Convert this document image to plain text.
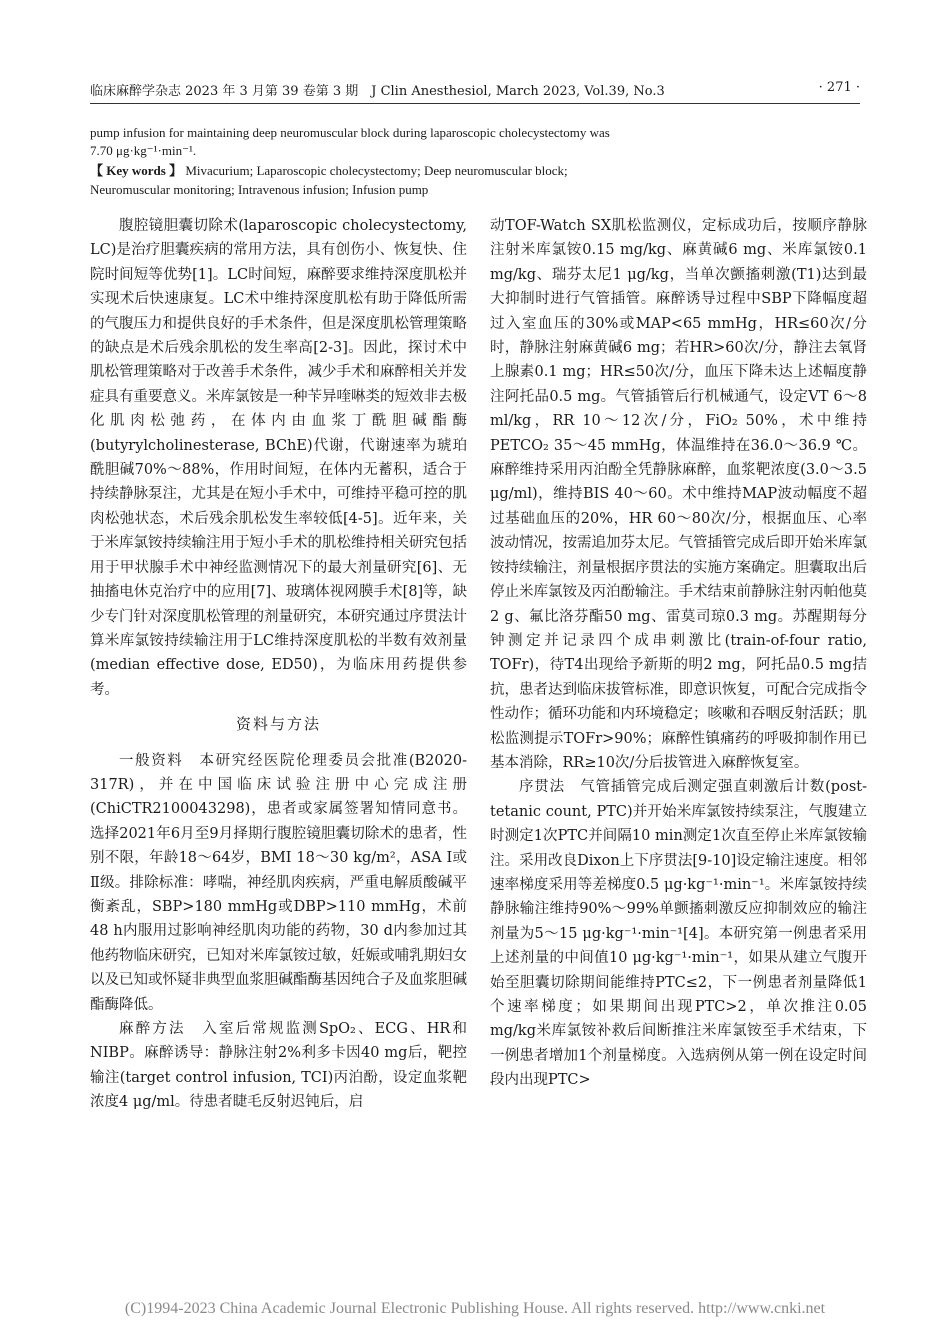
临床麻醉学杂志 2023 年 3 月第 39 卷第 3 期　J Clin Anesthesiol, March 2023, Vol.39, No.3	· 271 ·
pump infusion for maintaining deep neuromuscular block during laparoscopic cholecystectomy was
7.70 μg·kg⁻¹·min⁻¹.
【 Key words 】 Mivacurium; Laparoscopic cholecystectomy; Deep neuromuscular block;
Neuromuscular monitoring; Intravenous infusion; Infusion pump

腹腔镜胆囊切除术(laparoscopic cholecystectomy, LC)是治疗胆囊疾病的常用方法，具有创伤小、恢复快、住院时间短等优势[1]。LC时间短，麻醉要求维持深度肌松并实现术后快速康复。LC术中维持深度肌松有助于降低所需的气腹压力和提供良好的手术条件，但是深度肌松管理策略的缺点是术后残余肌松的发生率高[2-3]。因此，探讨术中肌松管理策略对于改善手术条件，减少手术和麻醉相关并发症具有重要意义。米库氯铵是一种苄异喹啉类的短效非去极化肌肉松弛药，在体内由血浆丁酰胆碱酯酶(butyrylcholinesterase, BChE)代谢，代谢速率为琥珀酰胆碱70%～88%，作用时间短，在体内无蓄积，适合于持续静脉泵注，尤其是在短小手术中，可维持平稳可控的肌肉松弛状态，术后残余肌松发生率较低[4-5]。近年来，关于米库氯铵持续输注用于短小手术的肌松维持相关研究包括用于甲状腺手术中神经监测情况下的最大剂量研究[6]、无抽搐电休克治疗中的应用[7]、玻璃体视网膜手术[8]等，缺少专门针对深度肌松管理的剂量研究，本研究通过序贯法计算米库氯铵持续输注用于LC维持深度肌松的半数有效剂量(median effective dose, ED50)，为临床用药提供参考。

资料与方法

一般资料　本研究经医院伦理委员会批准(B2020-317R)，并在中国临床试验注册中心完成注册(ChiCTR2100043298)，患者或家属签署知情同意书。选择2021年6月至9月择期行腹腔镜胆囊切除术的患者，性别不限，年龄18～64岁，BMI 18～30 kg/m²，ASA Ⅰ或Ⅱ级。排除标准：哮喘，神经肌肉疾病，严重电解质酸碱平衡紊乱，SBP>180 mmHg或DBP>110 mmHg，术前48 h内服用过影响神经肌肉功能的药物，30 d内参加过其他药物临床研究，已知对米库氯铵过敏，妊娠或哺乳期妇女以及已知或怀疑非典型血浆胆碱酯酶基因纯合子及血浆胆碱酯酶降低。

麻醉方法　入室后常规监测SpO₂、ECG、HR和NIBP。麻醉诱导：静脉注射2%利多卡因40 mg后，靶控输注(target control infusion, TCI)丙泊酚，设定血浆靶浓度4 μg/ml。待患者睫毛反射迟钝后，启

动TOF-Watch SX肌松监测仪，定标成功后，按顺序静脉注射米库氯铵0.15 mg/kg、麻黄碱6 mg、米库氯铵0.1 mg/kg、瑞芬太尼1 μg/kg，当单次颤搐刺激(T1)达到最大抑制时进行气管插管。麻醉诱导过程中SBP下降幅度超过入室血压的30%或MAP<65 mmHg，HR≤60次/分时，静脉注射麻黄碱6 mg；若HR>60次/分，静注去氧肾上腺素0.1 mg；HR≤50次/分，血压下降未达上述幅度静注阿托品0.5 mg。气管插管后行机械通气，设定VT 6～8 ml/kg，RR 10～12次/分，FiO₂ 50%，术中维持PETCO₂ 35～45 mmHg，体温维持在36.0～36.9 ℃。麻醉维持采用丙泊酚全凭静脉麻醉，血浆靶浓度(3.0～3.5 μg/ml)，维持BIS 40～60。术中维持MAP波动幅度不超过基础血压的20%，HR 60～80次/分，根据血压、心率波动情况，按需追加芬太尼。气管插管完成后即开始米库氯铵持续输注，剂量根据序贯法的实施方案确定。胆囊取出后停止米库氯铵及丙泊酚输注。手术结束前静脉注射丙帕他莫2 g、氟比洛芬酯50 mg、雷莫司琼0.3 mg。苏醒期每分钟测定并记录四个成串刺激比(train-of-four ratio, TOFr)，待T4出现给予新斯的明2 mg，阿托品0.5 mg拮抗，患者达到临床拔管标准，即意识恢复，可配合完成指令性动作；循环功能和内环境稳定；咳嗽和吞咽反射活跃；肌松监测提示TOFr>90%；麻醉性镇痛药的呼吸抑制作用已基本消除，RR≥10次/分后拔管进入麻醉恢复室。

序贯法　气管插管完成后测定强直刺激后计数(post-tetanic count, PTC)并开始米库氯铵持续泵注，气腹建立时测定1次PTC并间隔10 min测定1次直至停止米库氯铵输注。采用改良Dixon上下序贯法[9-10]设定输注速度。相邻速率梯度采用等差梯度0.5 μg·kg⁻¹·min⁻¹。米库氯铵持续静脉输注维持90%～99%单颤搐刺激反应抑制效应的输注剂量为5～15 μg·kg⁻¹·min⁻¹[4]。本研究第一例患者采用上述剂量的中间值10 μg·kg⁻¹·min⁻¹，如果从建立气腹开始至胆囊切除期间能维持PTC≤2，下一例患者剂量降低1个速率梯度；如果期间出现PTC>2，单次推注0.05 mg/kg米库氯铵补救后间断推注米库氯铵至手术结束，下一例患者增加1个剂量梯度。入选病例从第一例在设定时间段内出现PTC>

(C)1994-2023 China Academic Journal Electronic Publishing House. All rights reserved. http://www.cnki.net
